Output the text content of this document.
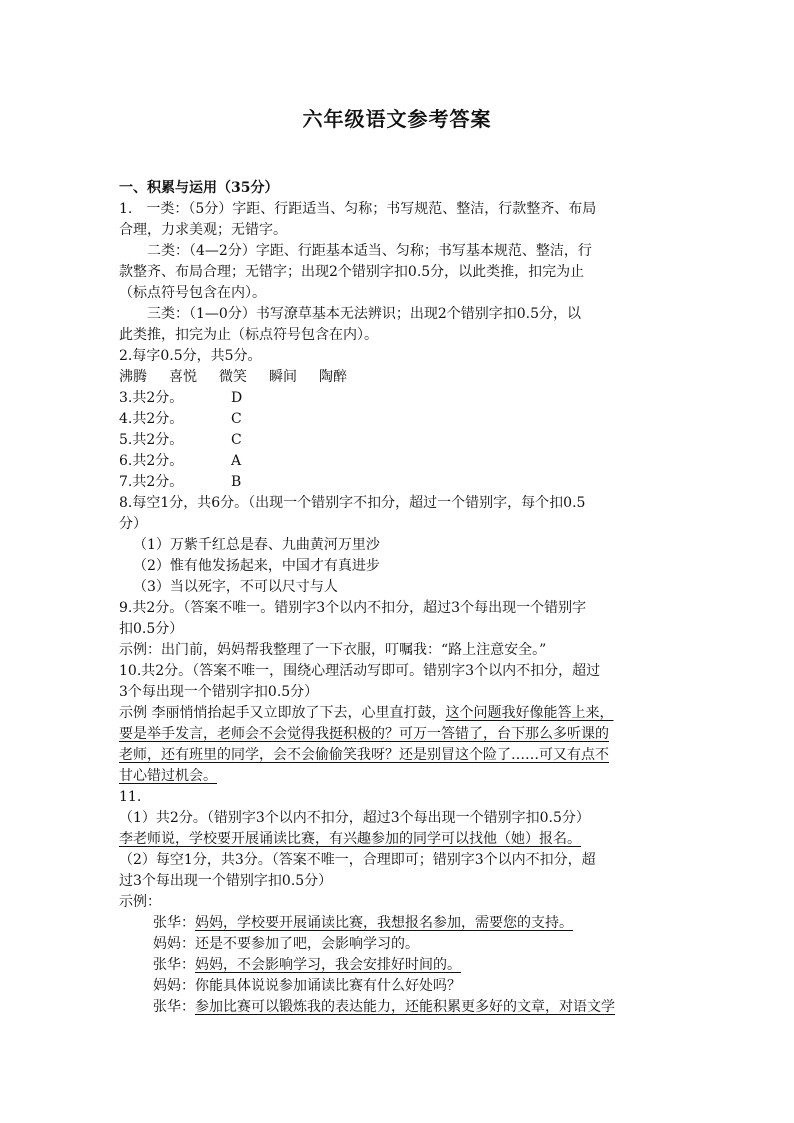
六年级语文参考答案
一、积累与运用（35分）
1.　一类：（5分）字距、行距适当、匀称；书写规范、整洁，行款整齐、布局
合理，力求美观；无错字。
二类：（4—2分）字距、行距基本适当、匀称；书写基本规范、整洁，行
款整齐、布局合理；无错字；出现2个错别字扣0.5分，以此类推，扣完为止
（标点符号包含在内）。
三类：（1—0分）书写潦草基本无法辨识；出现2个错别字扣0.5分，以
此类推，扣完为止（标点符号包含在内）。
2.每字0.5分，共5分。
沸腾 喜悦 微笑 瞬间 陶醉
3.共2分。	D
4.共2分。	C
5.共2分。	C
6.共2分。	A
7.共2分。	B
8.每空1分，共6分。（出现一个错别字不扣分，超过一个错别字，每个扣0.5
分）
（1）万紫千红总是春、九曲黄河万里沙
（2）惟有他发扬起来，中国才有真进步
（3）当以死字，不可以尺寸与人
9.共2分。（答案不唯一。错别字3个以内不扣分，超过3个每出现一个错别字
扣0.5分）
示例：出门前，妈妈帮我整理了一下衣服，叮嘱我：“路上注意安全。”
10.共2分。（答案不唯一，围绕心理活动写即可。错别字3个以内不扣分，超过
3个每出现一个错别字扣0.5分）
示例 李丽悄悄抬起手又立即放了下去，心里直打鼓，这个问题我好像能答上来，
要是举手发言，老师会不会觉得我挺积极的？可万一答错了，台下那么多听课的
老师，还有班里的同学，会不会偷偷笑我呀？还是别冒这个险了……可又有点不
甘心错过机会。
11.
（1）共2分。（错别字3个以内不扣分，超过3个每出现一个错别字扣0.5分）
李老师说，学校要开展诵读比赛，有兴趣参加的同学可以找他（她）报名。
（2）每空1分，共3分。（答案不唯一，合理即可；错别字3个以内不扣分，超
过3个每出现一个错别字扣0.5分）
示例：
张华：妈妈，学校要开展诵读比赛，我想报名参加，需要您的支持。
妈妈：还是不要参加了吧，会影响学习的。
张华：妈妈，不会影响学习，我会安排好时间的。
妈妈：你能具体说说参加诵读比赛有什么好处吗？
张华：参加比赛可以锻炼我的表达能力，还能积累更多好的文章，对语文学
